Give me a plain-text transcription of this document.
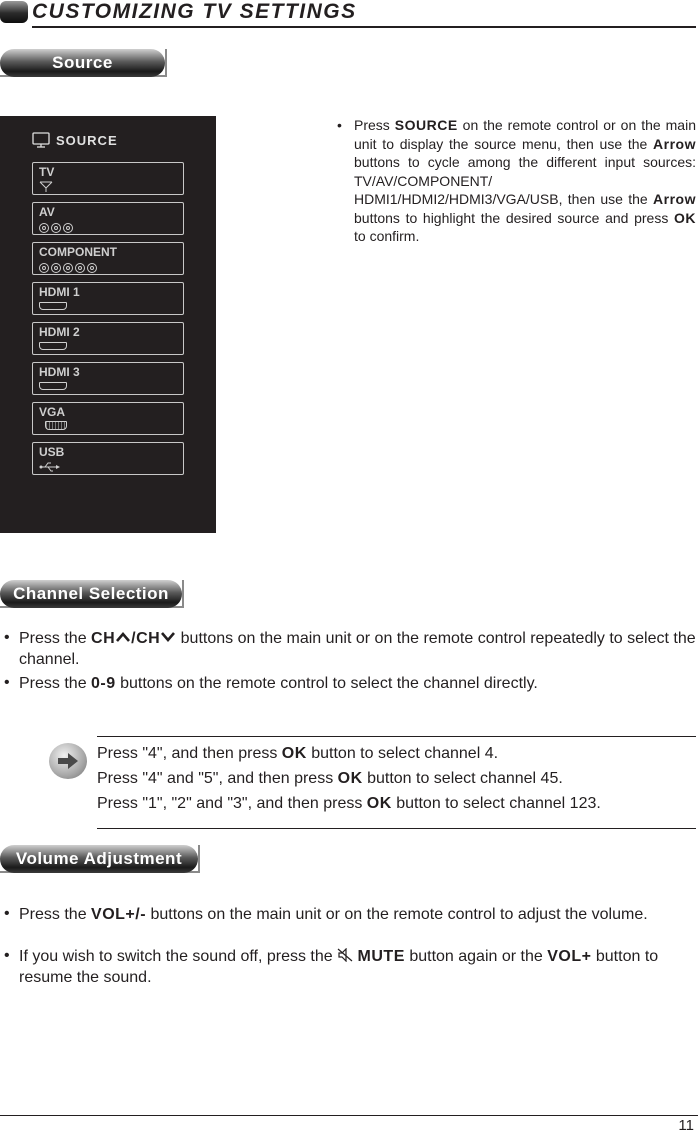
CUSTOMIZING TV SETTINGS
Source
SOURCE
TV
AV
COMPONENT
HDMI 1
HDMI 2
HDMI 3
VGA
USB
• Press SOURCE on the remote control or on the main unit to display the source menu, then use the Arrow buttons to cycle among the different input sources: TV/AV/COMPONENT/ HDMI1/HDMI2/HDMI3/VGA/USB, then use the Arrow buttons to highlight the desired source and press OK to confirm.
Channel Selection
• Press the CH /CH buttons on the main unit or on the remote control repeatedly to select the channel.
• Press the 0-9 buttons on the remote control to select the channel directly.
Press "4", and then press OK button to select channel 4.
Press "4" and "5", and then press OK button to select channel 45.
Press "1", "2" and "3", and then press OK button to select channel 123.
Volume Adjustment
• Press the VOL+/- buttons on the main unit or on the remote control to adjust the volume.
• If you wish to switch the sound off, press the  MUTE button again or the VOL+ button to resume the sound.
11
